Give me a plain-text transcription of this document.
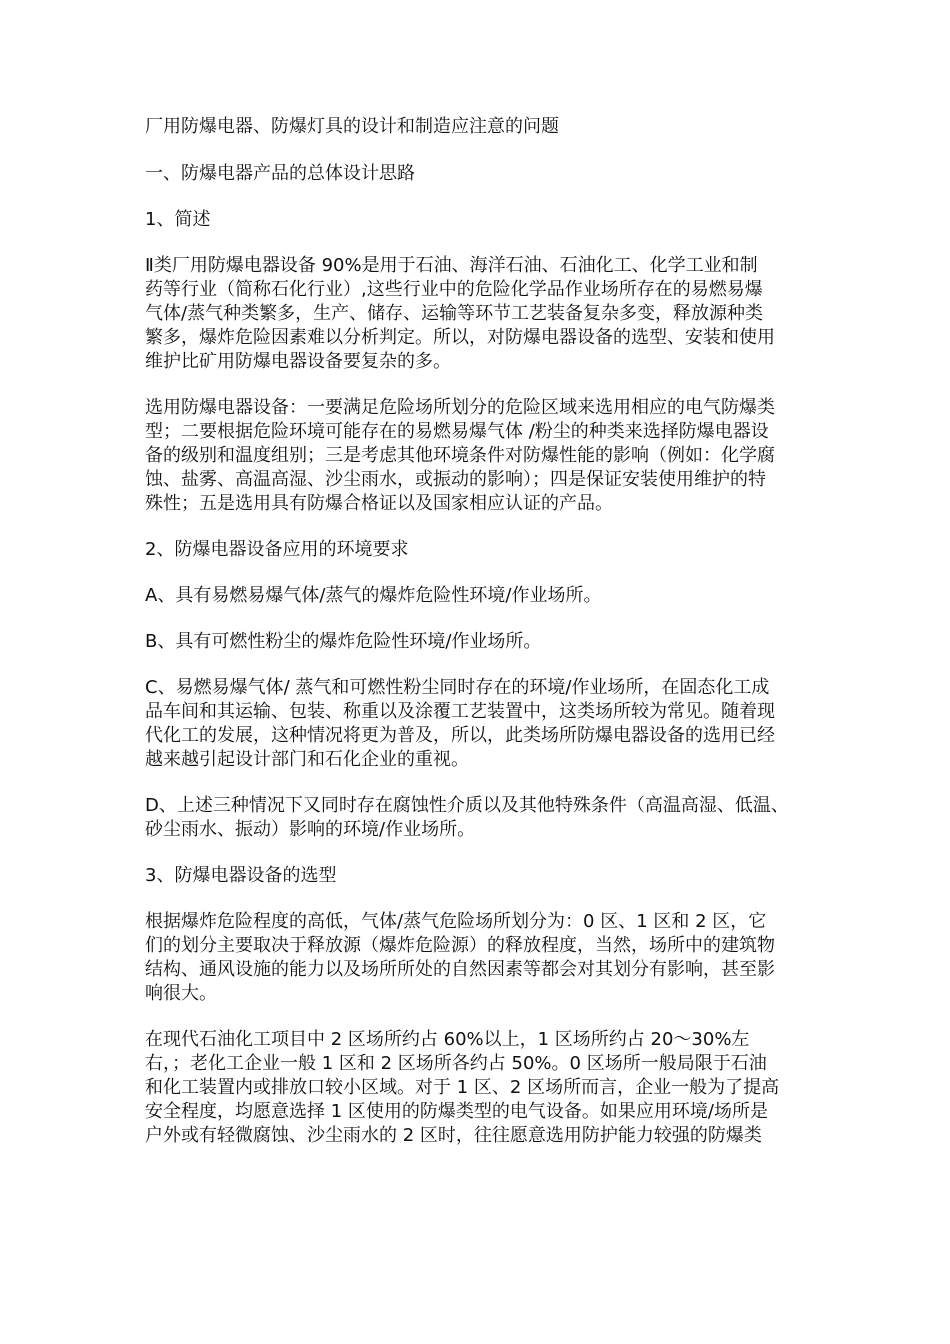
厂用防爆电器、防爆灯具的设计和制造应注意的问题
一、防爆电器产品的总体设计思路
1、简述
Ⅱ类厂用防爆电器设备 90%是用于石油、海洋石油、石油化工、化学工业和制
药等行业（简称石化行业）,这些行业中的危险化学品作业场所存在的易燃易爆
气体/蒸气种类繁多，生产、储存、运输等环节工艺装备复杂多变，释放源种类
繁多，爆炸危险因素难以分析判定。所以，对防爆电器设备的选型、安装和使用
维护比矿用防爆电器设备要复杂的多。
选用防爆电器设备：一要满足危险场所划分的危险区域来选用相应的电气防爆类
型；二要根据危险环境可能存在的易燃易爆气体 /粉尘的种类来选择防爆电器设
备的级别和温度组别；三是考虑其他环境条件对防爆性能的影响（例如：化学腐
蚀、盐雾、高温高湿、沙尘雨水，或振动的影响）；四是保证安装使用维护的特
殊性；五是选用具有防爆合格证以及国家相应认证的产品。
2、防爆电器设备应用的环境要求
A、具有易燃易爆气体/蒸气的爆炸危险性环境/作业场所。
B、具有可燃性粉尘的爆炸危险性环境/作业场所。
C、易燃易爆气体/ 蒸气和可燃性粉尘同时存在的环境/作业场所，在固态化工成
品车间和其运输、包装、称重以及涂覆工艺装置中，这类场所较为常见。随着现
代化工的发展，这种情况将更为普及，所以，此类场所防爆电器设备的选用已经
越来越引起设计部门和石化企业的重视。
D、上述三种情况下又同时存在腐蚀性介质以及其他特殊条件（高温高湿、低温、
砂尘雨水、振动）影响的环境/作业场所。
3、防爆电器设备的选型
根据爆炸危险程度的高低，气体/蒸气危险场所划分为：0 区、1 区和 2 区，它
们的划分主要取决于释放源（爆炸危险源）的释放程度，当然，场所中的建筑物
结构、通风设施的能力以及场所所处的自然因素等都会对其划分有影响，甚至影
响很大。
在现代石油化工项目中 2 区场所约占 60%以上，1 区场所约占 20～30%左
右，；老化工企业一般 1 区和 2 区场所各约占 50%。0 区场所一般局限于石油
和化工装置内或排放口较小区域。对于 1 区、2 区场所而言，企业一般为了提高
安全程度，均愿意选择 1 区使用的防爆类型的电气设备。如果应用环境/场所是
户外或有轻微腐蚀、沙尘雨水的 2 区时，往往愿意选用防护能力较强的防爆类
